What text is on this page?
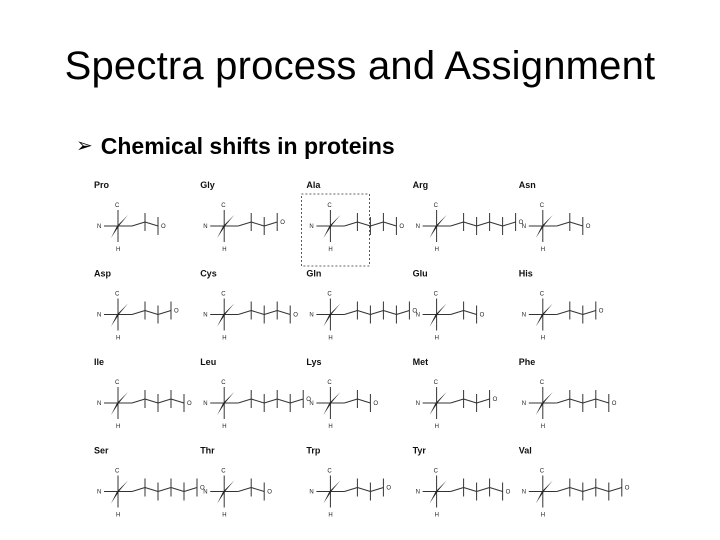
Spectra process and Assignment
➢ Chemical shifts in proteins
Pro
N
C
H
O
Gly
N
C
H
O
Ala
N
C
H
O
Arg
N
C
H
O
Asn
N
C
H
O
Asp
N
C
H
O
Cys
N
C
H
O
Gln
N
C
H
O
Glu
N
C
H
O
His
N
C
H
O
Ile
N
C
H
O
Leu
N
C
H
O
Lys
N
C
H
O
Met
N
C
H
O
Phe
N
C
H
O
Ser
N
C
H
O
Thr
N
C
H
O
Trp
N
C
H
O
Tyr
N
C
H
O
Val
N
C
H
O
